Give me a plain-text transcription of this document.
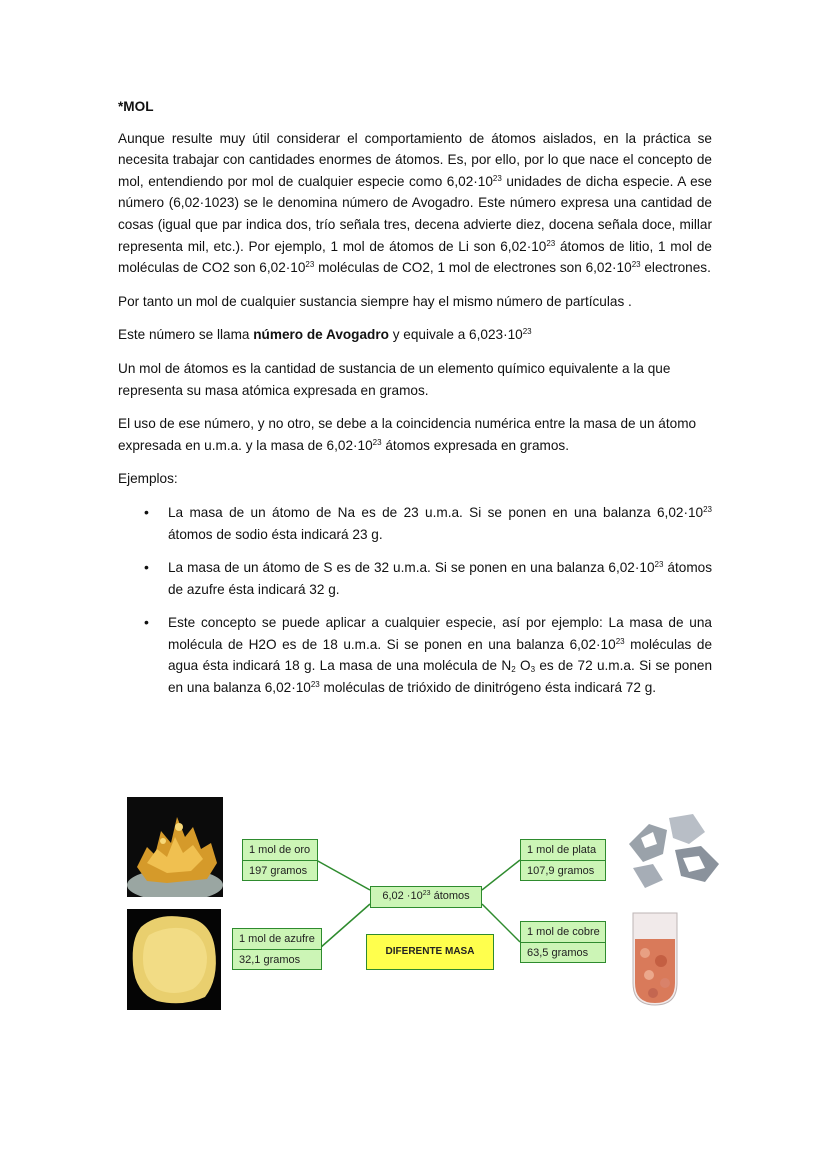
*MOL

Aunque resulte muy útil considerar el comportamiento de átomos aislados, en la práctica se necesita trabajar con cantidades enormes de átomos. Es, por ello, por lo que nace el concepto de mol, entendiendo por mol de cualquier especie como $6,02\cdot 10^{23}$ unidades de dicha especie. A ese número (6,02·1023) se le denomina número de Avogadro. Este número expresa una cantidad de cosas (igual que par indica dos, trío señala tres, decena advierte diez, docena señala doce, millar representa mil, etc.). Por ejemplo, 1 mol de átomos de Li son $6,02\cdot 10^{23}$ átomos de litio, 1 mol de moléculas de CO2 son $6,02\cdot 10^{23}$ moléculas de CO2, 1 mol de electrones son $6,02\cdot 10^{23}$ electrones.

Por tanto un mol de cualquier sustancia siempre hay el mismo número de partículas .

Este número se llama número de Avogadro y equivale a $6,023\cdot 10^{23}$

Un mol de átomos es la cantidad de sustancia de un elemento químico equivalente a la que representa su masa atómica expresada en gramos.

El uso de ese número, y no otro, se debe a la coincidencia numérica entre la masa de un átomo expresada en u.m.a. y la masa de $6,02\cdot 10^{23}$ átomos expresada en gramos.

Ejemplos:

• La masa de un átomo de Na es de 23 u.m.a. Si se ponen en una balanza $6,02\cdot 10^{23}$ átomos de sodio ésta indicará 23 g.
• La masa de un átomo de S es de 32 u.m.a. Si se ponen en una balanza $6,02\cdot 10^{23}$ átomos de azufre ésta indicará 32 g.
• Este concepto se puede aplicar a cualquier especie, así por ejemplo: La masa de una molécula de H2O es de 18 u.m.a. Si se ponen en una balanza $6,02\cdot 10^{23}$ moléculas de agua ésta indicará 18 g. La masa de una molécula de $N_2$ $O_3$ es de 72 u.m.a. Si se ponen en una balanza $6,02\cdot 10^{23}$ moléculas de trióxido de dinitrógeno ésta indicará 72 g.
1 mol de oro
197 gramos
1 mol de azufre
32,1 gramos
1 mol de plata
107,9 gramos
1 mol de cobre
63,5 gramos
$6,02 \cdot 10^{23}$ átomos
DIFERENTE MASA
